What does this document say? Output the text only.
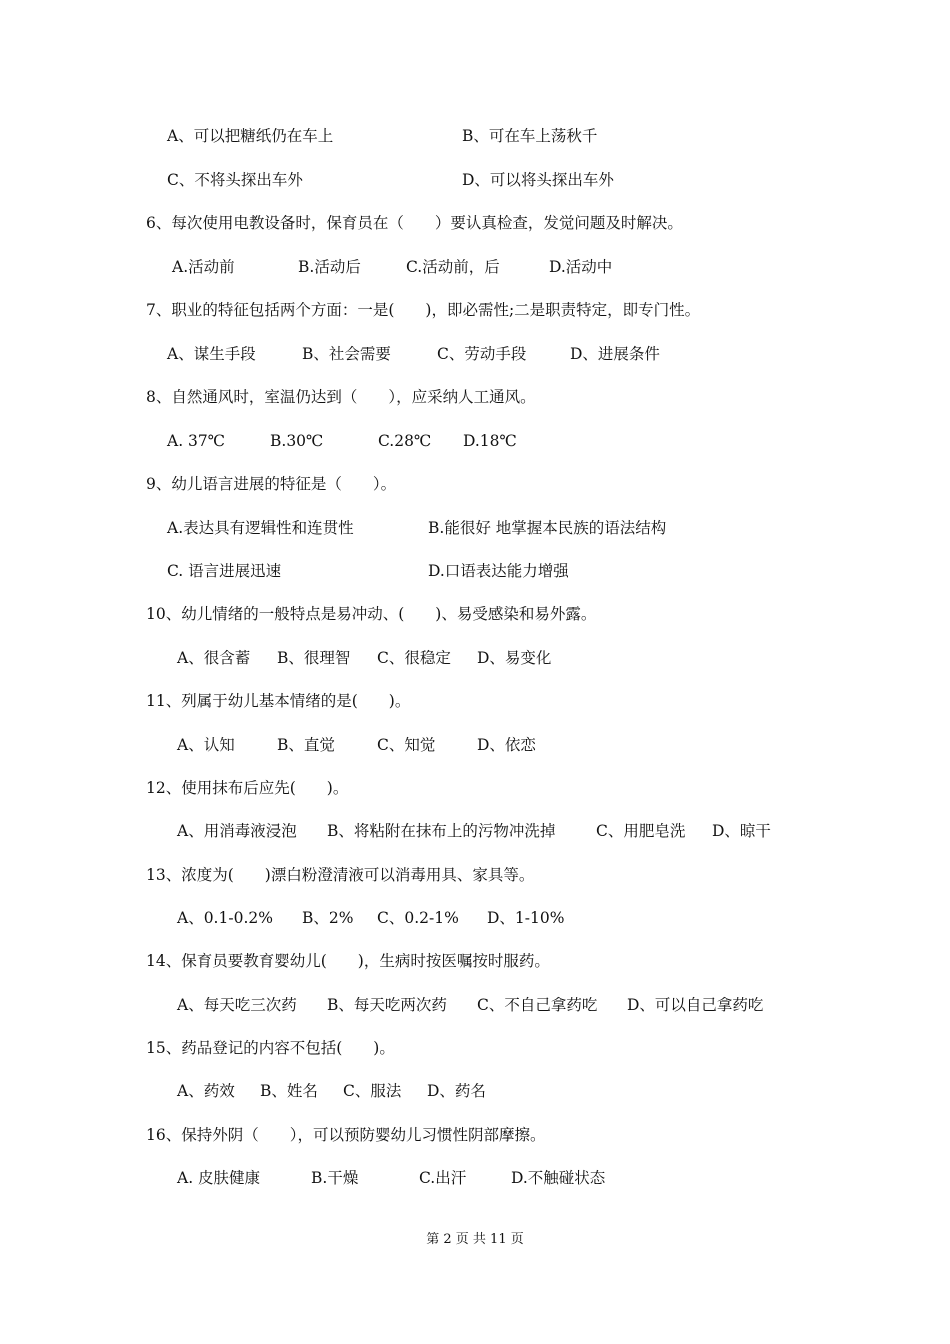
A、可以把糖纸仍在车上	B、可在车上荡秋千
C、不将头探出车外	D、可以将头探出车外
6、每次使用电教设备时，保育员在（　　）要认真检查，发觉问题及时解决。
A.活动前	B.活动后	C.活动前，后	D.活动中
7、职业的特征包括两个方面：一是(　　)，即必需性;二是职责特定，即专门性。
A、谋生手段	B、社会需要	C、劳动手段	D、进展条件
8、自然通风时，室温仍达到（　　），应采纳人工通风。
A. 37℃	B.30℃	C.28℃ D.18℃
9、幼儿语言进展的特征是（　　）。
A.表达具有逻辑性和连贯性	B.能很好 地掌握本民族的语法结构
C. 语言进展迅速	D.口语表达能力增强
10、幼儿情绪的一般特点是易冲动、(　　)、易受感染和易外露。
A、很含蓄 B、很理智 C、很稳定 D、易变化
11、列属于幼儿基本情绪的是(　　)。
A、认知	B、直觉	C、知觉	D、依恋
12、使用抹布后应先(　　)。
A、用消毒液浸泡 B、将粘附在抹布上的污物冲洗掉	C、用肥皂洗 D、晾干
13、浓度为(　　)漂白粉澄清液可以消毒用具、家具等。
A、0.1-0.2% B、2% C、0.2-1% D、1-10%
14、保育员要教育婴幼儿(　　)，生病时按医嘱按时服药。
A、每天吃三次药 B、每天吃两次药 C、不自己拿药吃 D、可以自己拿药吃
15、药品登记的内容不包括(　　)。
A、药效 B、姓名 C、服法 D、药名
16、保持外阴（　　），可以预防婴幼儿习惯性阴部摩擦。
A. 皮肤健康	B.干燥	C.出汗	D.不触碰状态
第 2 页 共 11 页
